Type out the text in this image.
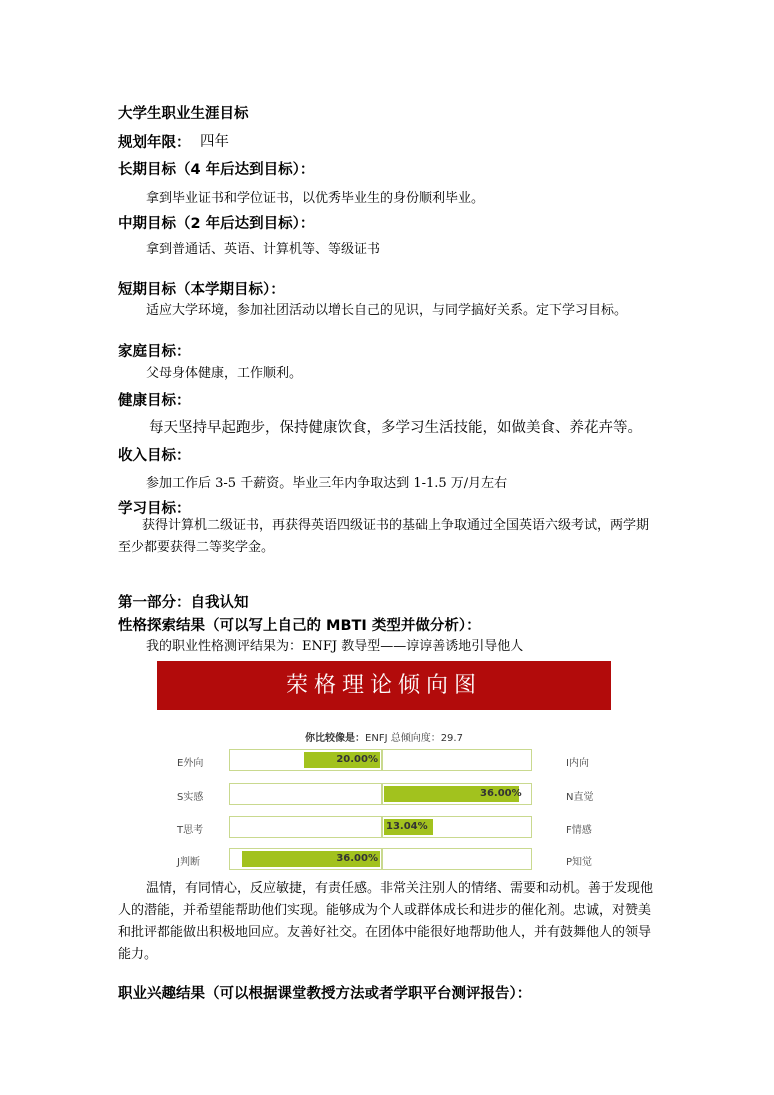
大学生职业生涯目标
规划年限： 四年
长期目标（4 年后达到目标）：
拿到毕业证书和学位证书，以优秀毕业生的身份顺利毕业。
中期目标（2 年后达到目标）：
拿到普通话、英语、计算机等、等级证书
短期目标（本学期目标）：
适应大学环境，参加社团活动以增长自己的见识，与同学搞好关系。定下学习目标。
家庭目标：
父母身体健康，工作顺利。
健康目标：
每天坚持早起跑步，保持健康饮食，多学习生活技能，如做美食、养花卉等。
收入目标：
参加工作后 3-5 千薪资。毕业三年内争取达到 1-1.5 万/月左右
学习目标：
获得计算机二级证书，再获得英语四级证书的基础上争取通过全国英语六级考试，两学期至少都要获得二等奖学金。
第一部分：自我认知
性格探索结果（可以写上自己的 MBTI 类型并做分析）：
我的职业性格测评结果为：ENFJ 教导型——谆谆善诱地引导他人
荣格理论倾向图
你比较像是：ENFJ 总倾向度：29.7
E外向	I内向
20.00%
S实感	N直觉
36.00%
T思考	F情感
13.04%
J判断	P知觉
36.00%
温情，有同情心，反应敏捷，有责任感。非常关注别人的情绪、需要和动机。善于发现他人的潜能，并希望能帮助他们实现。能够成为个人或群体成长和进步的催化剂。忠诚，对赞美和批评都能做出积极地回应。友善好社交。在团体中能很好地帮助他人，并有鼓舞他人的领导能力。
职业兴趣结果（可以根据课堂教授方法或者学职平台测评报告）：
